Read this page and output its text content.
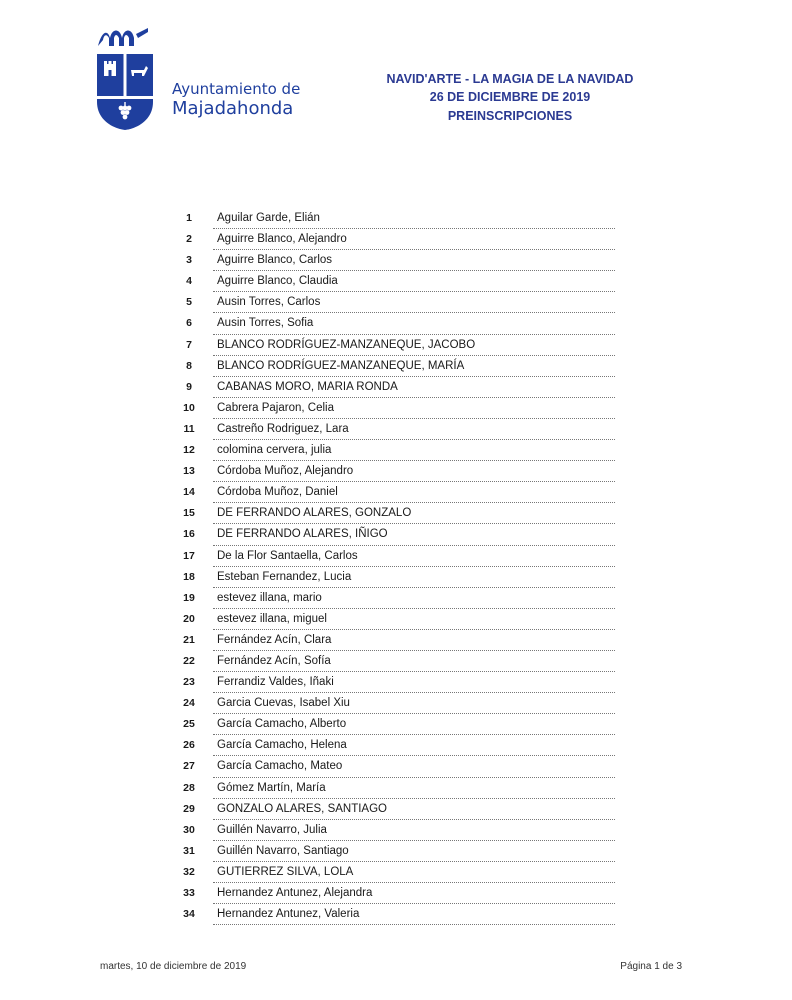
Ayuntamiento de
Majadahonda
NAVID'ARTE - LA MAGIA DE LA NAVIDAD
26 DE DICIEMBRE DE 2019
PREINSCRIPCIONES
1	Aguilar Garde, Elián
2	Aguirre Blanco, Alejandro
3	Aguirre Blanco, Carlos
4	Aguirre Blanco, Claudia
5	Ausin Torres, Carlos
6	Ausin Torres, Sofia
7	BLANCO RODRÍGUEZ-MANZANEQUE, JACOBO
8	BLANCO RODRÍGUEZ-MANZANEQUE, MARÍA
9	CABANAS MORO, MARIA RONDA
10	Cabrera Pajaron, Celia
11	Castreño Rodriguez, Lara
12	colomina cervera, julia
13	Córdoba Muñoz, Alejandro
14	Córdoba Muñoz, Daniel
15	DE FERRANDO ALARES, GONZALO
16	DE FERRANDO ALARES, IÑIGO
17	De la Flor Santaella, Carlos
18	Esteban Fernandez, Lucia
19	estevez illana, mario
20	estevez illana, miguel
21	Fernández Acín, Clara
22	Fernández Acín, Sofía
23	Ferrandiz Valdes, Iñaki
24	Garcia Cuevas, Isabel Xiu
25	García Camacho, Alberto
26	García Camacho, Helena
27	García Camacho, Mateo
28	Gómez Martín, María
29	GONZALO ALARES, SANTIAGO
30	Guillén Navarro, Julia
31	Guillén Navarro, Santiago
32	GUTIERREZ SILVA, LOLA
33	Hernandez Antunez, Alejandra
34	Hernandez Antunez, Valeria
martes, 10 de diciembre de 2019	Página 1 de 3
